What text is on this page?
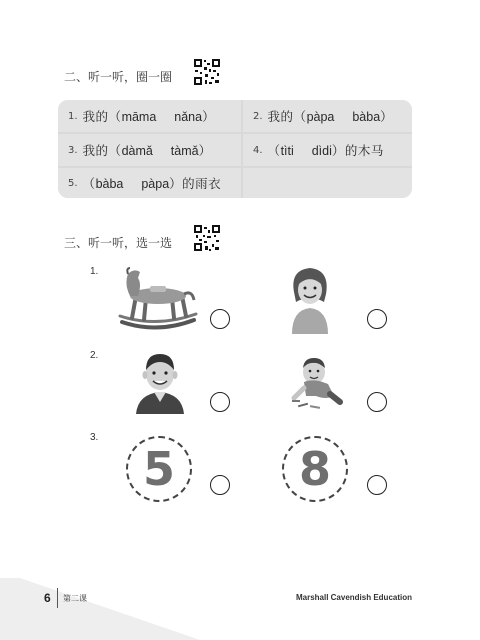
二、听一听，圈一圈
1. 我的（ māma　 nǎna ）	2. 我的（ pàpa　 bàba ）
3. 我的（ dàmǎ　 tàmǎ ）	4. （ tìti　 dìdi ）的木马
5. （ bàba　 pàpa ）的雨衣
三、听一听，选一选
1.
2.
3.
5	8
6 第二课	Marshall Cavendish Education
